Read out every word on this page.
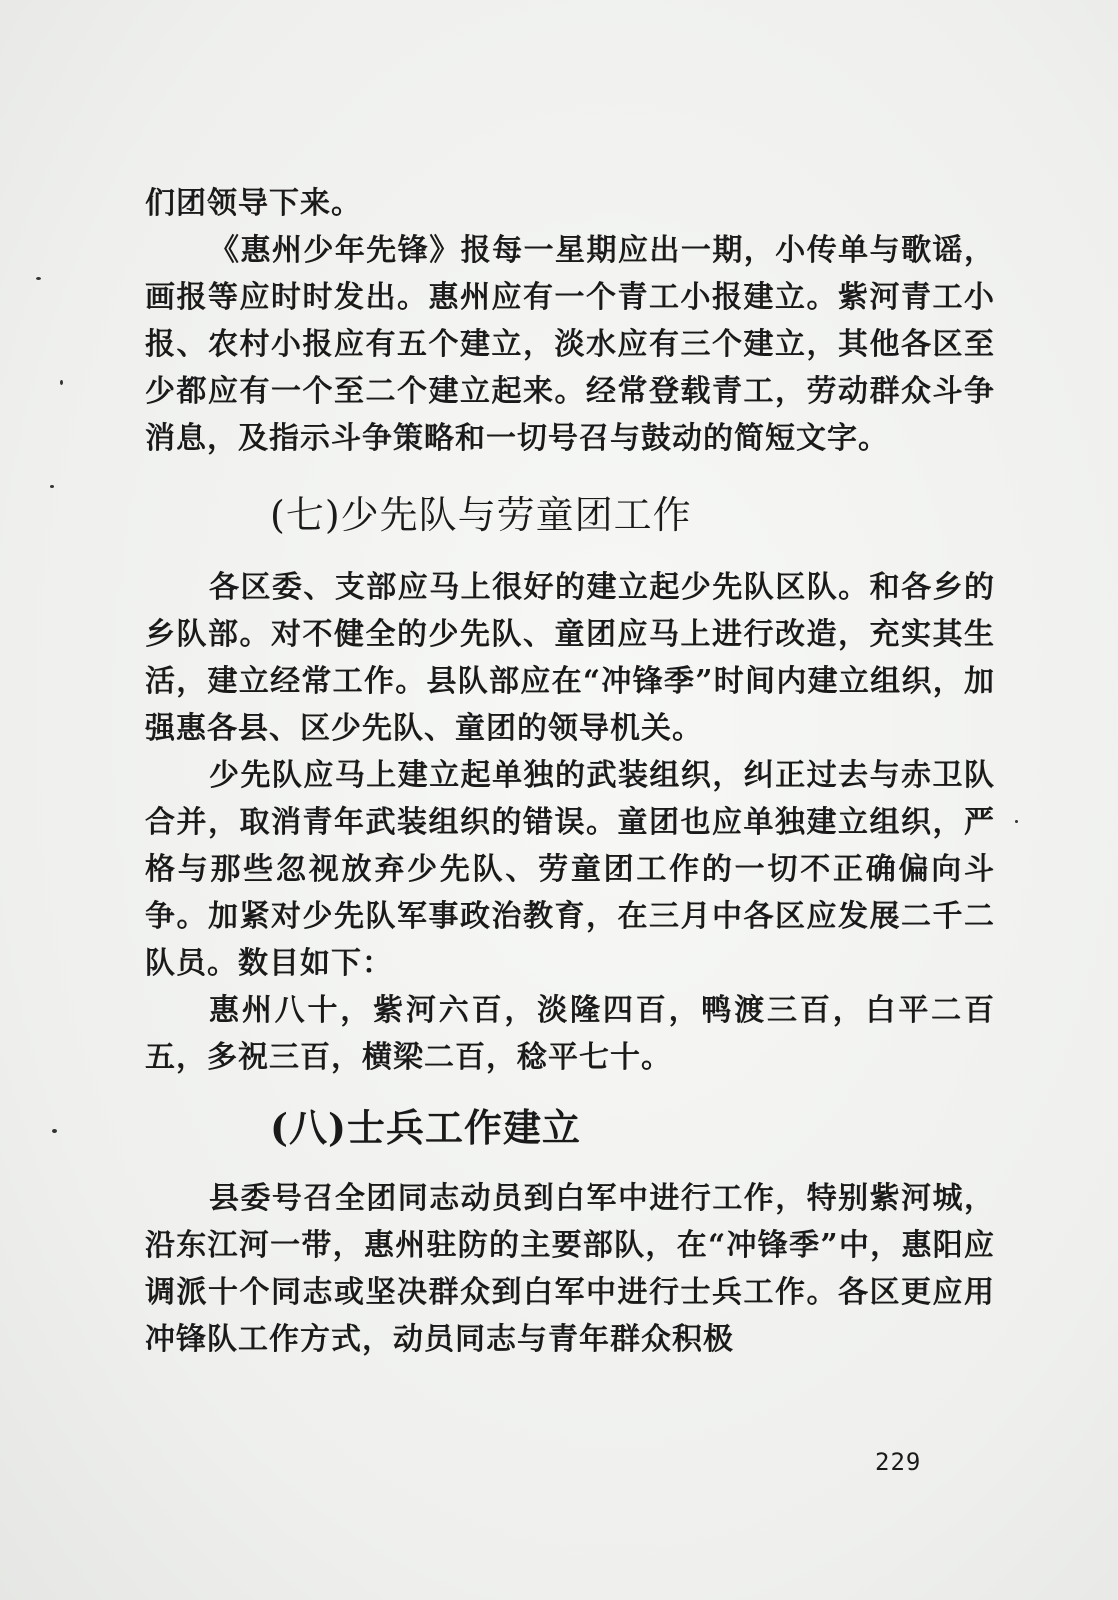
们团领导下来。

《惠州少年先锋》报每一星期应出一期，小传单与歌谣，画报等应时时发出。惠州应有一个青工小报建立。紫河青工小报、农村小报应有五个建立，淡水应有三个建立，其他各区至少都应有一个至二个建立起来。经常登载青工，劳动群众斗争消息，及指示斗争策略和一切号召与鼓动的简短文字。

(七)少先队与劳童团工作

各区委、支部应马上很好的建立起少先队区队。和各乡的乡队部。对不健全的少先队、童团应马上进行改造，充实其生活，建立经常工作。县队部应在“冲锋季”时间内建立组织，加强惠各县、区少先队、童团的领导机关。

少先队应马上建立起单独的武装组织，纠正过去与赤卫队合并，取消青年武装组织的错误。童团也应单独建立组织，严格与那些忽视放弃少先队、劳童团工作的一切不正确偏向斗争。加紧对少先队军事政治教育，在三月中各区应发展二千二队员。数目如下：

惠州八十，紫河六百，淡隆四百，鸭渡三百，白平二百五，多祝三百，横梁二百，稔平七十。

(八)士兵工作建立

县委号召全团同志动员到白军中进行工作，特别紫河城，沿东江河一带，惠州驻防的主要部队，在“冲锋季”中，惠阳应调派十个同志或坚决群众到白军中进行士兵工作。各区更应用冲锋队工作方式，动员同志与青年群众积极

229
